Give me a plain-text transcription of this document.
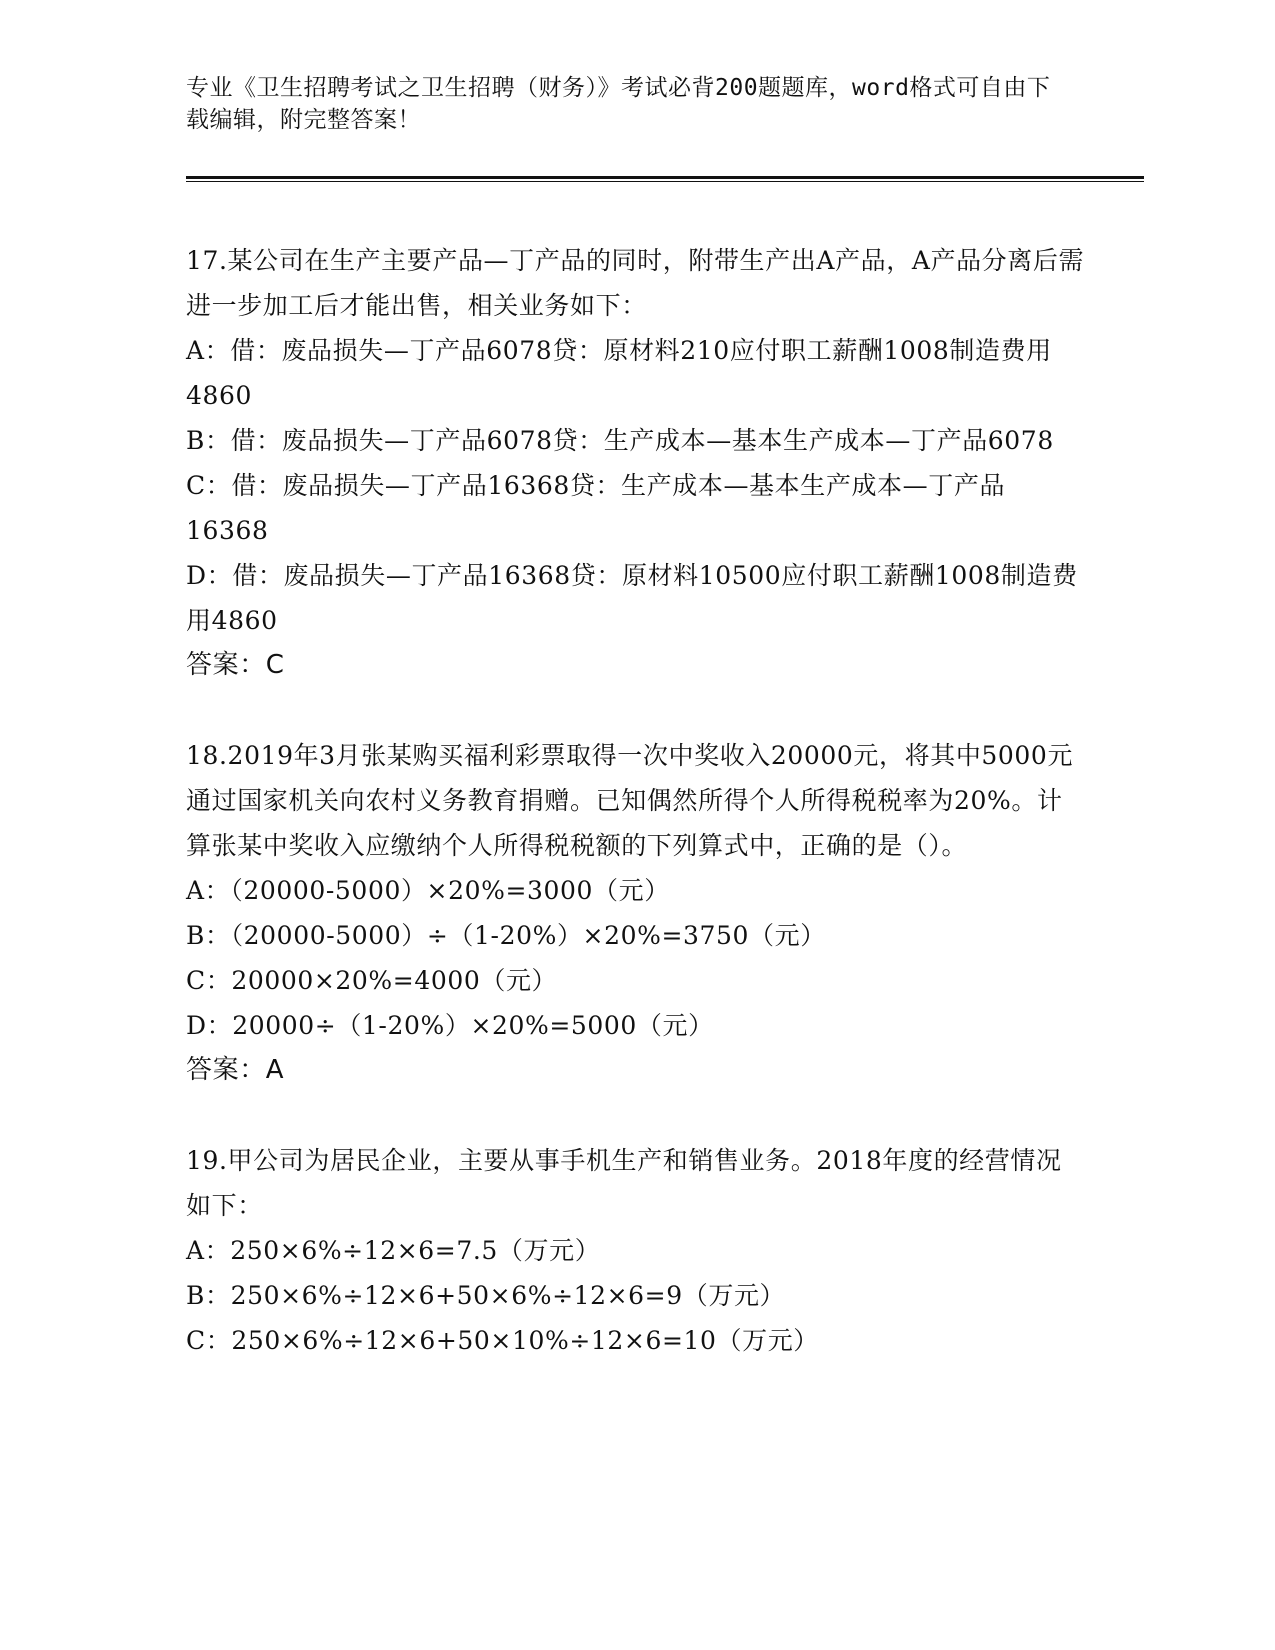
专业《卫生招聘考试之卫生招聘（财务）》考试必背200题题库，word格式可自由下载编辑，附完整答案！

17.某公司在生产主要产品—丁产品的同时，附带生产出A产品，A产品分离后需进一步加工后才能出售，相关业务如下：

A：借：废品损失—丁产品6078贷：原材料210应付职工薪酬1008制造费用4860

B：借：废品损失—丁产品6078贷：生产成本—基本生产成本—丁产品6078

C：借：废品损失—丁产品16368贷：生产成本—基本生产成本—丁产品16368

D：借：废品损失—丁产品16368贷：原材料10500应付职工薪酬1008制造费用4860

答案：C

18.2019年3月张某购买福利彩票取得一次中奖收入20000元，将其中5000元通过国家机关向农村义务教育捐赠。已知偶然所得个人所得税税率为20%。计算张某中奖收入应缴纳个人所得税税额的下列算式中，正确的是（）。

A：（20000-5000）×20%=3000（元）

B：（20000-5000）÷（1-20%）×20%=3750（元）

C：20000×20%=4000（元）

D：20000÷（1-20%）×20%=5000（元）

答案：A

19.甲公司为居民企业，主要从事手机生产和销售业务。2018年度的经营情况如下：

A：250×6%÷12×6=7.5（万元）

B：250×6%÷12×6+50×6%÷12×6=9（万元）

C：250×6%÷12×6+50×10%÷12×6=10（万元）
